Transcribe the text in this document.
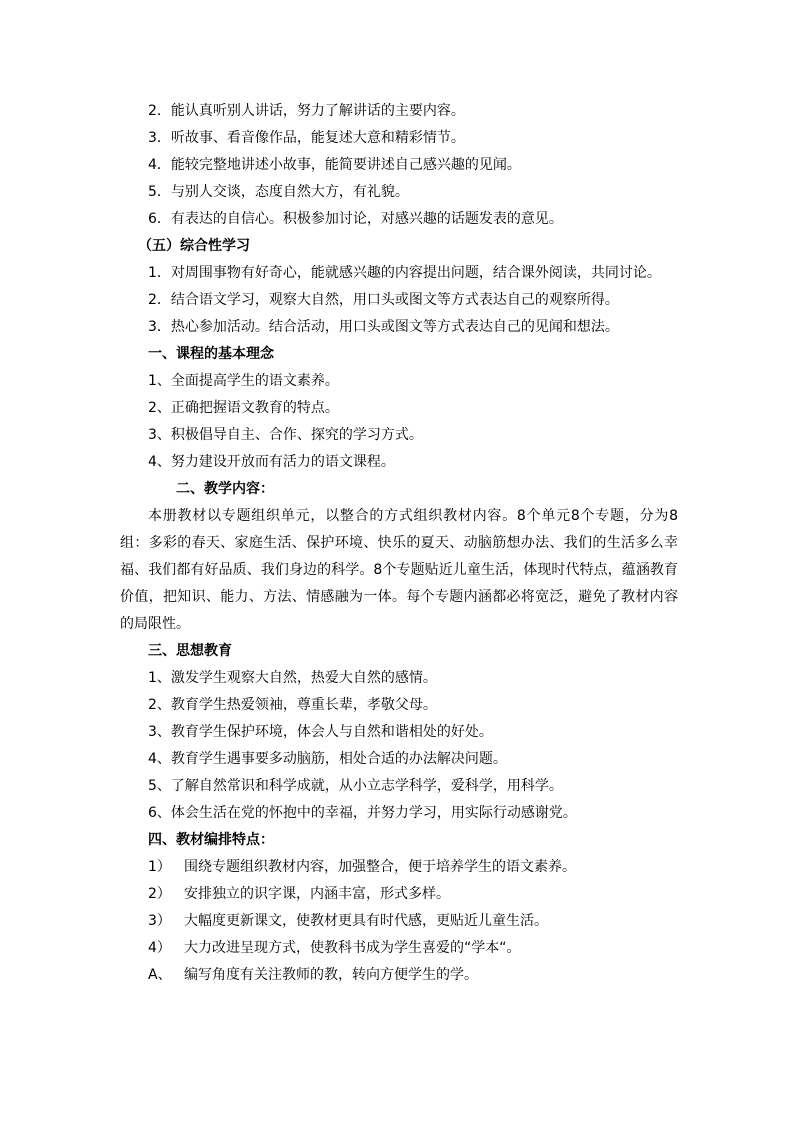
2．能认真听别人讲话，努力了解讲话的主要内容。

3．听故事、看音像作品，能复述大意和精彩情节。

4．能较完整地讲述小故事，能简要讲述自己感兴趣的见闻。

5．与别人交谈，态度自然大方，有礼貌。

6．有表达的自信心。积极参加讨论，对感兴趣的话题发表的意见。

（五）综合性学习

1．对周围事物有好奇心，能就感兴趣的内容提出问题，结合课外阅读，共同讨论。

2．结合语文学习，观察大自然，用口头或图文等方式表达自己的观察所得。

3．热心参加活动。结合活动，用口头或图文等方式表达自己的见闻和想法。

一、课程的基本理念

1、全面提高学生的语文素养。

2、正确把握语文教育的特点。

3、积极倡导自主、合作、探究的学习方式。

4、努力建设开放而有活力的语文课程。

二、教学内容：

本册教材以专题组织单元，以整合的方式组织教材内容。8个单元8个专题，分为8组：多彩的春天、家庭生活、保护环境、快乐的夏天、动脑筋想办法、我们的生活多么幸福、我们都有好品质、我们身边的科学。8个专题贴近儿童生活，体现时代特点，蕴涵教育价值，把知识、能力、方法、情感融为一体。每个专题内涵都必将宽泛，避免了教材内容的局限性。

三、思想教育

1、激发学生观察大自然，热爱大自然的感情。

2、教育学生热爱领袖，尊重长辈，孝敬父母。

3、教育学生保护环境，体会人与自然和谐相处的好处。

4、教育学生遇事要多动脑筋，相处合适的办法解决问题。

5、了解自然常识和科学成就，从小立志学科学，爱科学，用科学。

6、体会生活在党的怀抱中的幸福，并努力学习，用实际行动感谢党。

四、教材编排特点：

1） 围绕专题组织教材内容，加强整合，便于培养学生的语文素养。

2） 安排独立的识字课，内涵丰富，形式多样。

3） 大幅度更新课文，使教材更具有时代感，更贴近儿童生活。

4） 大力改进呈现方式，使教科书成为学生喜爱的“学本“。

A、 编写角度有关注教师的教，转向方便学生的学。
